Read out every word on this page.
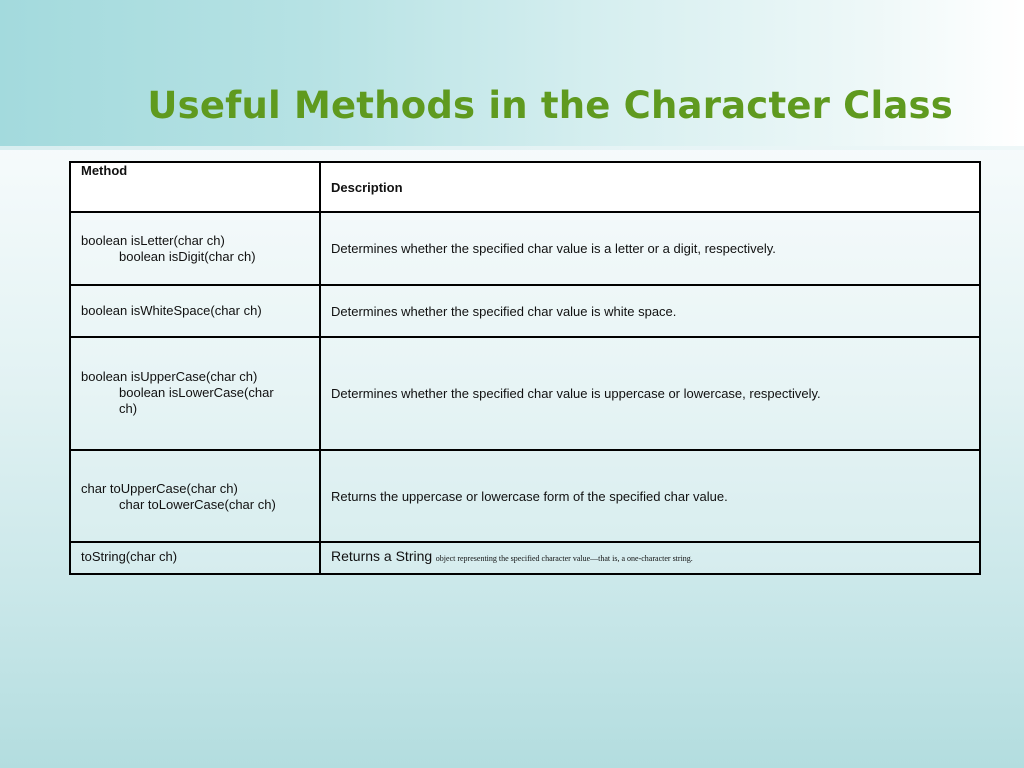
Useful Methods in the Character Class
Method	Description

boolean isLetter(char ch)
boolean isDigit(char ch)	Determines whether the specified char value is a letter or a digit, respectively.

boolean isWhiteSpace(char ch)	Determines whether the specified char value is white space.

boolean isUpperCase(char ch)
boolean isLowerCase(char
ch)	Determines whether the specified char value is uppercase or lowercase, respectively.

char toUpperCase(char ch)
char toLowerCase(char ch)	Returns the uppercase or lowercase form of the specified char value.

toString(char ch)	Returns a String object representing the specified character value—that is, a one-character string.
